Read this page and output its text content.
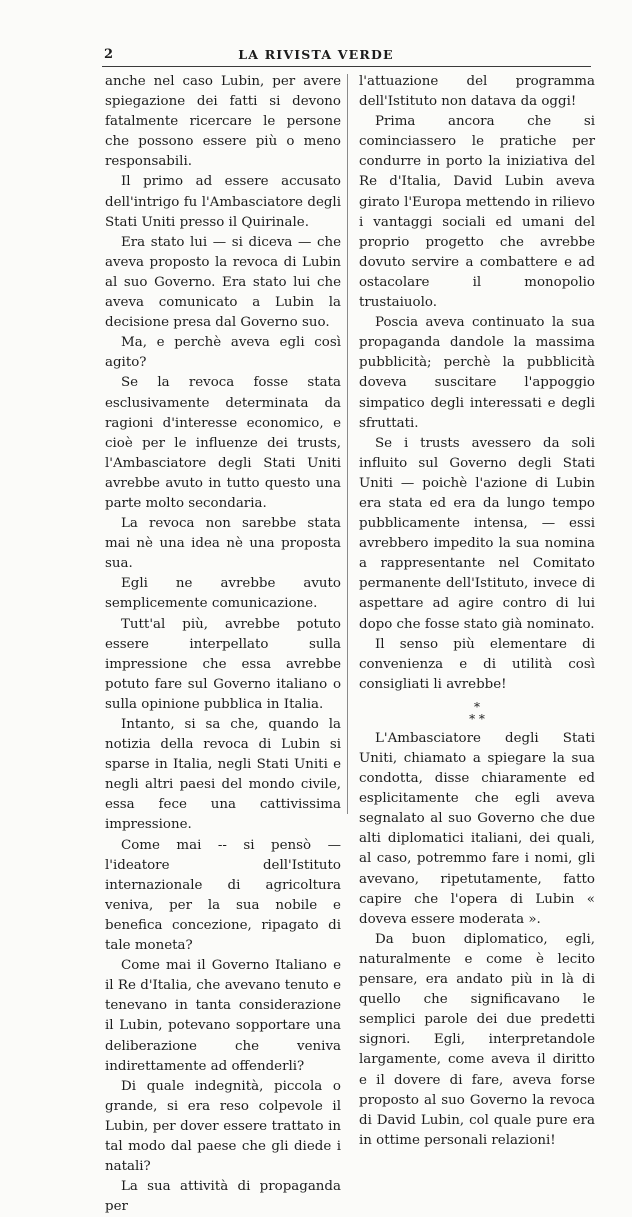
2	LA RIVISTA VERDE

anche nel caso Lubin, per avere spiegazione dei fatti si devono fatalmente ricercare le persone che possono essere più o meno responsabili.

Il primo ad essere accusato dell'intrigo fu l'Ambasciatore degli Stati Uniti presso il Quirinale.

Era stato lui — si diceva — che aveva proposto la revoca di Lubin al suo Governo. Era stato lui che aveva comunicato a Lubin la decisione presa dal Governo suo.

Ma, e perchè aveva egli così agito?

Se la revoca fosse stata esclusivamente determinata da ragioni d'interesse economico, e cioè per le influenze dei trusts, l'Ambasciatore degli Stati Uniti avrebbe avuto in tutto questo una parte molto secondaria.

La revoca non sarebbe stata mai nè una idea nè una proposta sua.

Egli ne avrebbe avuto semplicemente comunicazione.

Tutt'al più, avrebbe potuto essere interpellato sulla impressione che essa avrebbe potuto fare sul Governo italiano o sulla opinione pubblica in Italia.

Intanto, si sa che, quando la notizia della revoca di Lubin si sparse in Italia, negli Stati Uniti e negli altri paesi del mondo civile, essa fece una cattivissima impressione.

Come mai -- si pensò — l'ideatore dell'Istituto internazionale di agricoltura veniva, per la sua nobile e benefica concezione, ripagato di tale moneta?

Come mai il Governo Italiano e il Re d'Italia, che avevano tenuto e tenevano in tanta considerazione il Lubin, potevano sopportare una deliberazione che veniva indirettamente ad offenderli?

Di quale indegnità, piccola o grande, si era reso colpevole il Lubin, per dover essere trattato in tal modo dal paese che gli diede i natali?

La sua attività di propaganda per

l'attuazione del programma dell'Istituto non datava da oggi!

Prima ancora che si cominciassero le pratiche per condurre in porto la iniziativa del Re d'Italia, David Lubin aveva girato l'Europa mettendo in rilievo i vantaggi sociali ed umani del proprio progetto che avrebbe dovuto servire a combattere e ad ostacolare il monopolio trustaiuolo.

Poscia aveva continuato la sua propaganda dandole la massima pubblicità; perchè la pubblicità doveva suscitare l'appoggio simpatico degli interessati e degli sfruttati.

Se i trusts avessero da soli influito sul Governo degli Stati Uniti — poichè l'azione di Lubin era stata ed era da lungo tempo pubblicamente intensa, — essi avrebbero impedito la sua nomina a rappresentante nel Comitato permanente dell'Istituto, invece di aspettare ad agire contro di lui dopo che fosse stato già nominato.

Il senso più elementare di convenienza e di utilità così consigliati li avrebbe!

*
* *

L'Ambasciatore degli Stati Uniti, chiamato a spiegare la sua condotta, disse chiaramente ed esplicitamente che egli aveva segnalato al suo Governo che due alti diplomatici italiani, dei quali, al caso, potremmo fare i nomi, gli avevano, ripetutamente, fatto capire che l'opera di Lubin « doveva essere moderata ».

Da buon diplomatico, egli, naturalmente e come è lecito pensare, era andato più in là di quello che significavano le semplici parole dei due predetti signori. Egli, interpretandole largamente, come aveva il diritto e il dovere di fare, aveva forse proposto al suo Governo la revoca di David Lubin, col quale pure era in ottime personali relazioni!
